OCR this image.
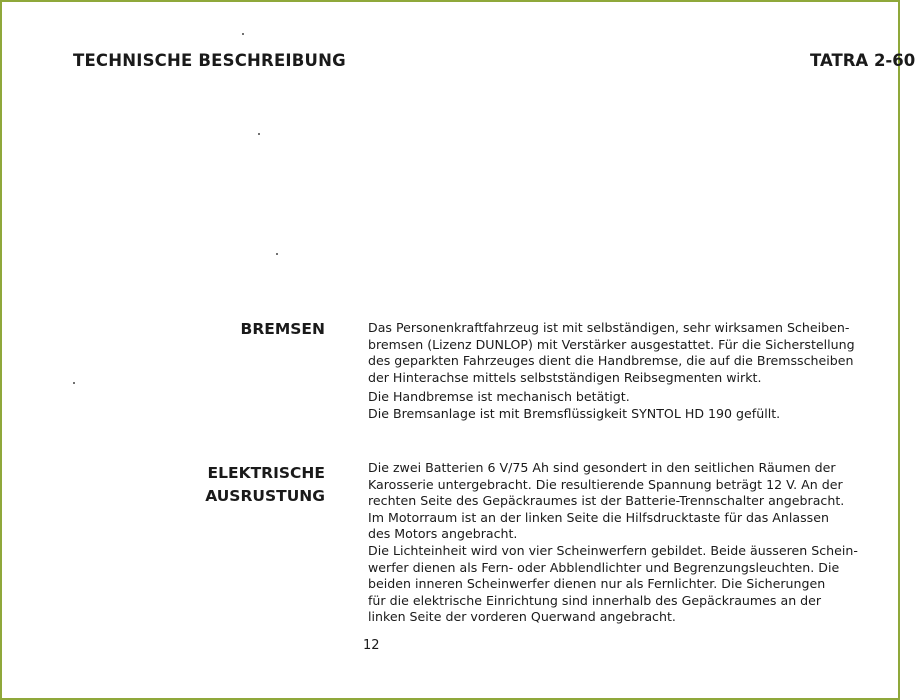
TECHNISCHE BESCHREIBUNG	TATRA 2-60
BREMSEN	Das Personenkraftfahrzeug ist mit selbständigen, sehr wirksamen Scheiben-
bremsen (Lizenz DUNLOP) mit Verstärker ausgestattet. Für die Sicherstellung
des geparkten Fahrzeuges dient die Handbremse, die auf die Bremsscheiben
der Hinterachse mittels selbstständigen Reibsegmenten wirkt.
Die Handbremse ist mechanisch betätigt.
Die Bremsanlage ist mit Bremsflüssigkeit SYNTOL HD 190 gefüllt.
ELEKTRISCHE
AUSRUSTUNG
Die zwei Batterien 6 V/75 Ah sind gesondert in den seitlichen Räumen der
Karosserie untergebracht. Die resultierende Spannung beträgt 12 V. An der
rechten Seite des Gepäckraumes ist der Batterie-Trennschalter angebracht.
Im Motorraum ist an der linken Seite die Hilfsdrucktaste für das Anlassen
des Motors angebracht.
Die Lichteinheit wird von vier Scheinwerfern gebildet. Beide äusseren Schein-
werfer dienen als Fern- oder Abblendlichter und Begrenzungsleuchten. Die
beiden inneren Scheinwerfer dienen nur als Fernlichter. Die Sicherungen
für die elektrische Einrichtung sind innerhalb des Gepäckraumes an der
linken Seite der vorderen Querwand angebracht.
12
